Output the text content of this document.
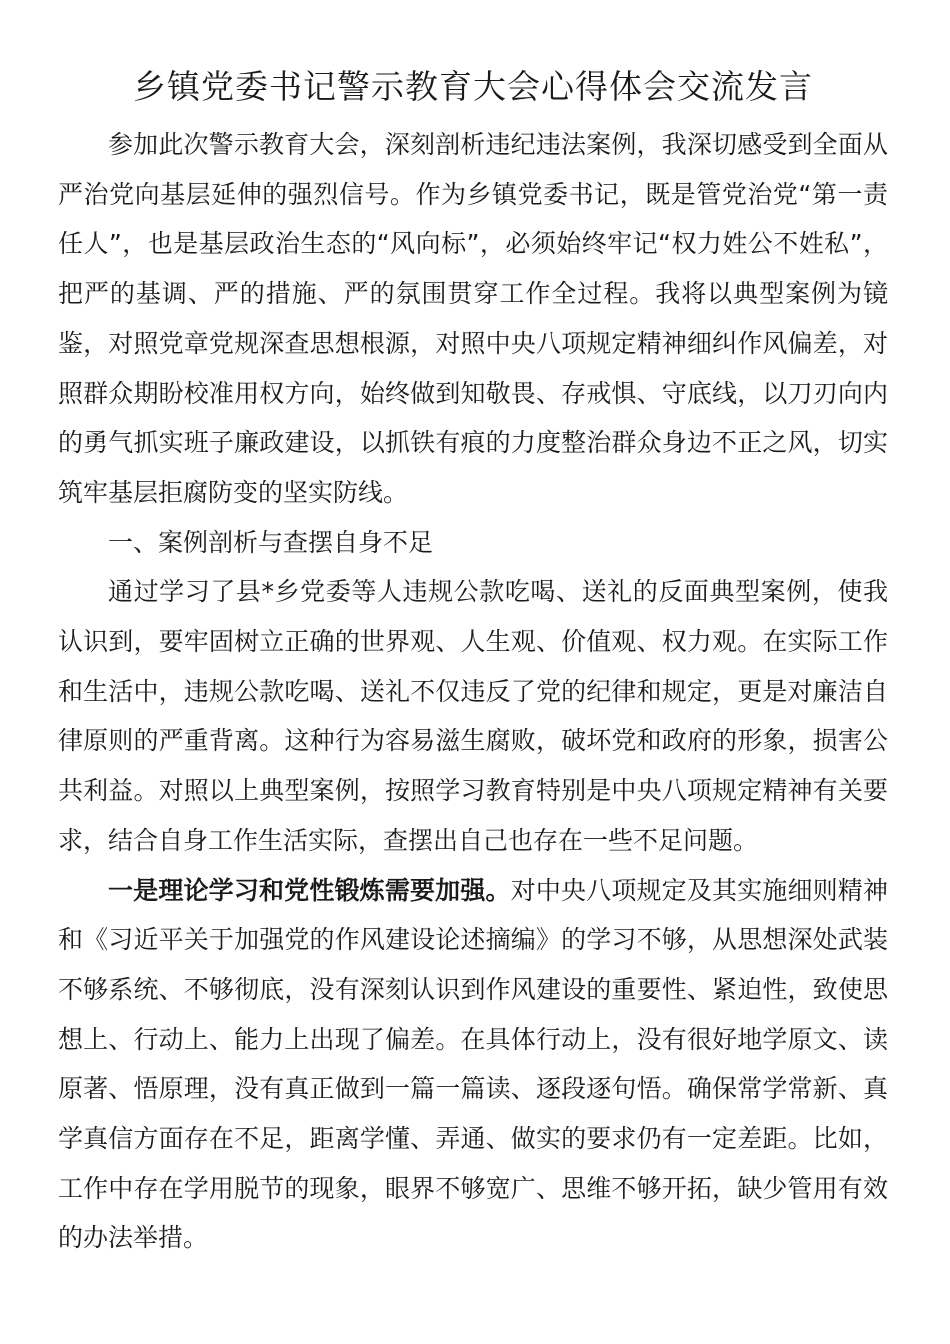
乡镇党委书记警示教育大会心得体会交流发言

参加此次警示教育大会，深刻剖析违纪违法案例，我深切感受到全面从严治党向基层延伸的强烈信号。作为乡镇党委书记，既是管党治党“第一责任人”，也是基层政治生态的“风向标”，必须始终牢记“权力姓公不姓私”，把严的基调、严的措施、严的氛围贯穿工作全过程。我将以典型案例为镜鉴，对照党章党规深查思想根源，对照中央八项规定精神细纠作风偏差，对照群众期盼校准用权方向，始终做到知敬畏、存戒惧、守底线，以刀刃向内的勇气抓实班子廉政建设，以抓铁有痕的力度整治群众身边不正之风，切实筑牢基层拒腐防变的坚实防线。

一、案例剖析与查摆自身不足

通过学习了县*乡党委等人违规公款吃喝、送礼的反面典型案例，使我认识到，要牢固树立正确的世界观、人生观、价值观、权力观。在实际工作和生活中，违规公款吃喝、送礼不仅违反了党的纪律和规定，更是对廉洁自律原则的严重背离。这种行为容易滋生腐败，破坏党和政府的形象，损害公共利益。对照以上典型案例，按照学习教育特别是中央八项规定精神有关要求，结合自身工作生活实际，查摆出自己也存在一些不足问题。

一是理论学习和党性锻炼需要加强。对中央八项规定及其实施细则精神和《习近平关于加强党的作风建设论述摘编》的学习不够，从思想深处武装不够系统、不够彻底，没有深刻认识到作风建设的重要性、紧迫性，致使思想上、行动上、能力上出现了偏差。在具体行动上，没有很好地学原文、读原著、悟原理，没有真正做到一篇一篇读、逐段逐句悟。确保常学常新、真学真信方面存在不足，距离学懂、弄通、做实的要求仍有一定差距。比如，工作中存在学用脱节的现象，眼界不够宽广、思维不够开拓，缺少管用有效的办法举措。
